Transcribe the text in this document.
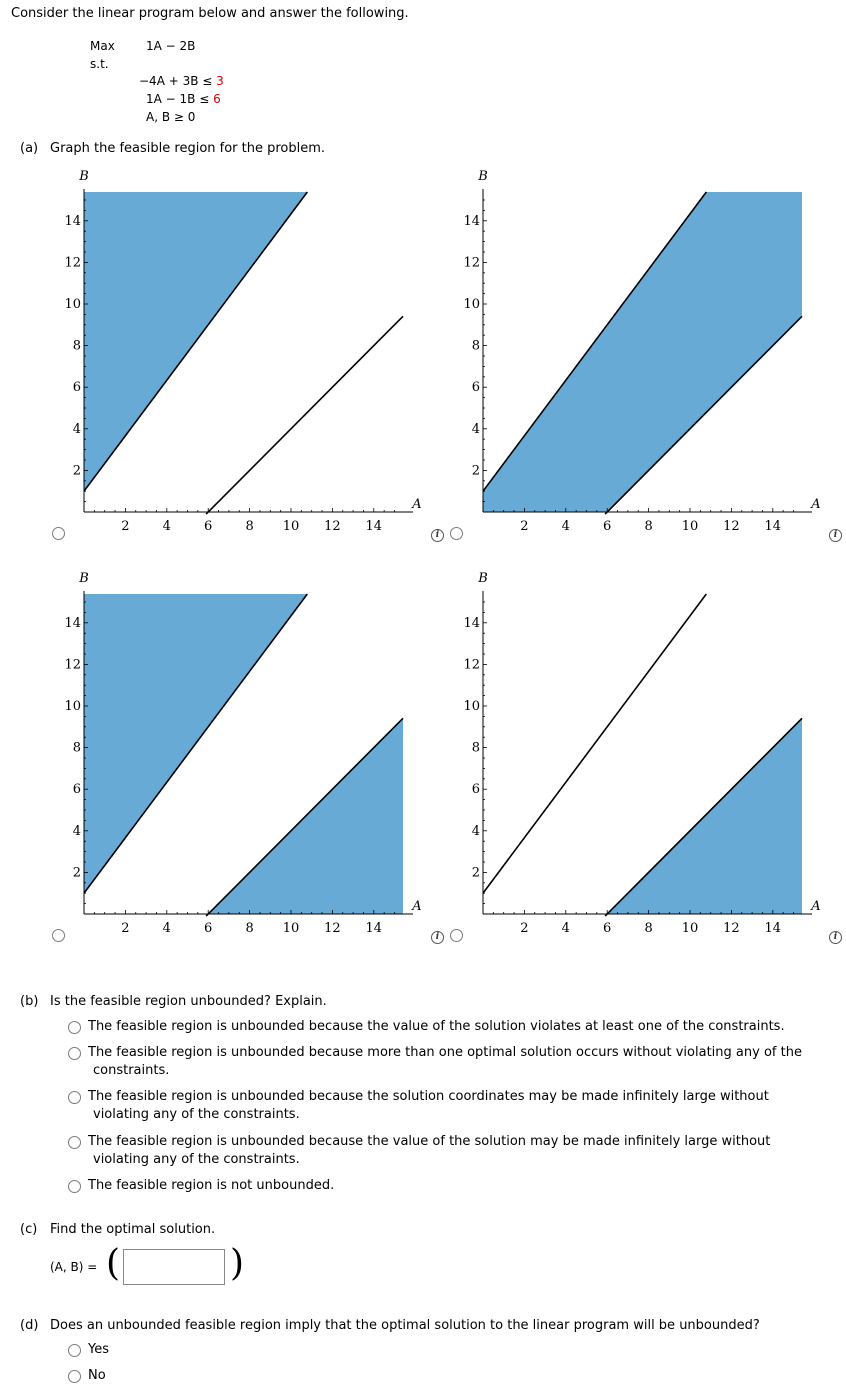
Consider the linear program below and answer the following.
Max	1A − 2B
s.t.
−4A + 3B ≤ 3
1A − 1B ≤ 6
A, B ≥ 0
(a) Graph the feasible region for the problem.
2
2
4
4
6
6
8
8
10
10
12
12
14
14
A
B
2
2
4
4
6
6
8
8
10
10
12
12
14
14
A
B
2
2
4
4
6
6
8
8
10
10
12
12
14
14
A
B
2
2
4
4
6
6
8
8
10
10
12
12
14
14
A
B
i	i
i	i
(b) Is the feasible region unbounded? Explain.
The feasible region is unbounded because the value of the solution violates at least one of the constraints.
The feasible region is unbounded because more than one optimal solution occurs without violating any of the
constraints.
The feasible region is unbounded because the solution coordinates may be made infinitely large without
violating any of the constraints.
The feasible region is unbounded because the value of the solution may be made infinitely large without
violating any of the constraints.
The feasible region is not unbounded.
(c) Find the optimal solution.
(A, B) = (	)
(d) Does an unbounded feasible region imply that the optimal solution to the linear program will be unbounded?
Yes
No
